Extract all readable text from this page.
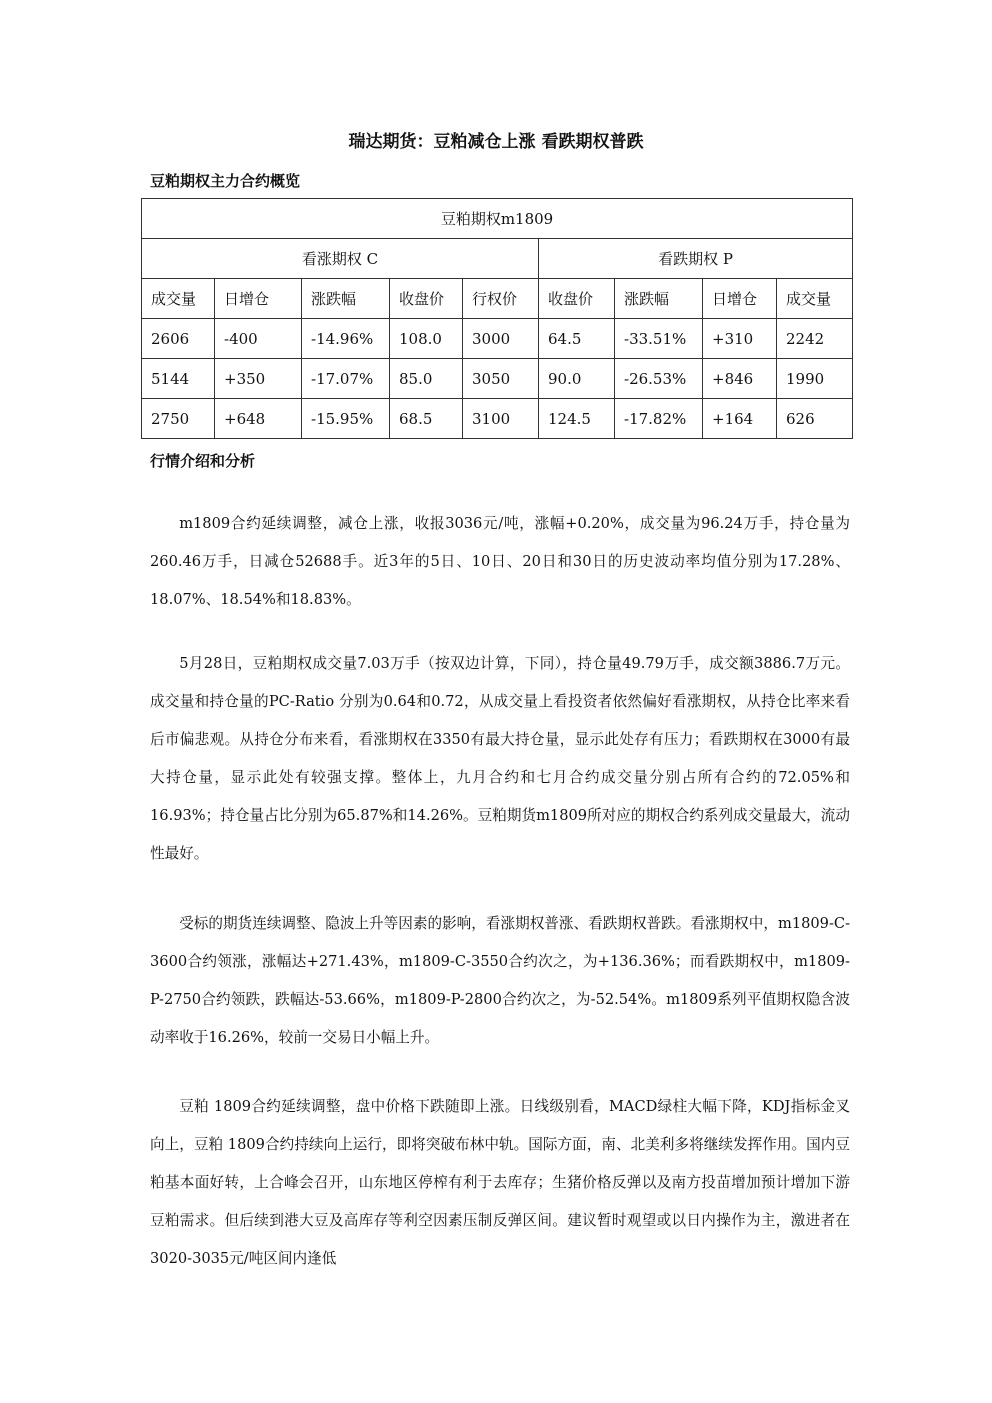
瑞达期货：豆粕减仓上涨 看跌期权普跌
豆粕期权主力合约概览
豆粕期权m1809								
看涨期权 C					看跌期权 P			
成交量	日增仓	涨跌幅	收盘价	行权价	收盘价	涨跌幅	日增仓	成交量
2606	-400	-14.96%	108.0	3000	64.5	-33.51%	+310	2242
5144	+350	-17.07%	85.0	3050	90.0	-26.53%	+846	1990
2750	+648	-15.95%	68.5	3100	124.5	-17.82%	+164	626
行情介绍和分析

m1809合约延续调整，减仓上涨，收报3036元/吨，涨幅+0.20%，成交量为96.24万手，持仓量为260.46万手，日减仓52688手。近3年的5日、10日、20日和30日的历史波动率均值分别为17.28%、18.07%、18.54%和18.83%。

5月28日，豆粕期权成交量7.03万手（按双边计算，下同），持仓量49.79万手，成交额3886.7万元。成交量和持仓量的PC-Ratio 分别为0.64和0.72，从成交量上看投资者依然偏好看涨期权，从持仓比率来看后市偏悲观。从持仓分布来看，看涨期权在3350有最大持仓量，显示此处存有压力；看跌期权在3000有最大持仓量，显示此处有较强支撑。整体上，九月合约和七月合约成交量分别占所有合约的72.05%和16.93%；持仓量占比分别为65.87%和14.26%。豆粕期货m1809所对应的期权合约系列成交量最大，流动性最好。

受标的期货连续调整、隐波上升等因素的影响，看涨期权普涨、看跌期权普跌。看涨期权中，m1809-C-3600合约领涨，涨幅达+271.43%，m1809-C-3550合约次之，为+136.36%；而看跌期权中，m1809-P-2750合约领跌，跌幅达-53.66%，m1809-P-2800合约次之，为-52.54%。m1809系列平值期权隐含波动率收于16.26%，较前一交易日小幅上升。

豆粕 1809合约延续调整，盘中价格下跌随即上涨。日线级别看，MACD绿柱大幅下降，KDJ指标金叉向上，豆粕 1809合约持续向上运行，即将突破布林中轨。国际方面，南、北美利多将继续发挥作用。国内豆粕基本面好转，上合峰会召开，山东地区停榨有利于去库存；生猪价格反弹以及南方投苗增加预计增加下游豆粕需求。但后续到港大豆及高库存等利空因素压制反弹区间。建议暂时观望或以日内操作为主，激进者在3020-3035元/吨区间内逢低
